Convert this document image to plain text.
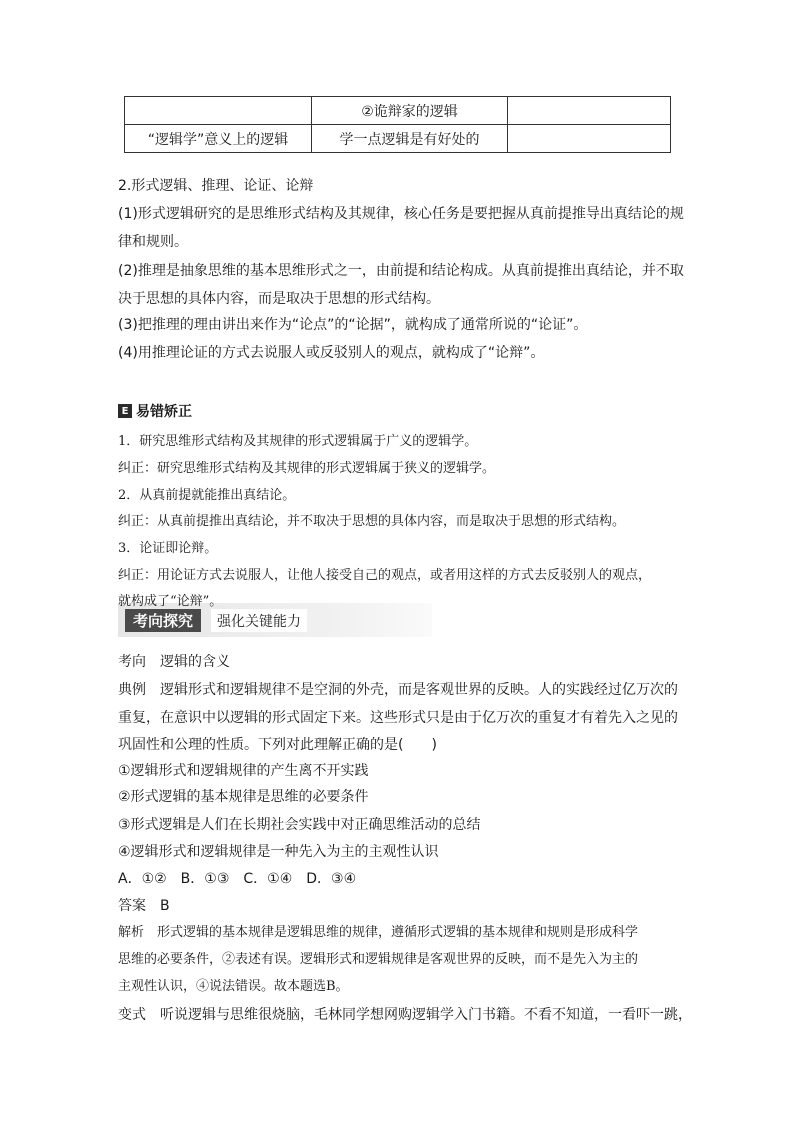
	②诡辩家的逻辑	
“逻辑学”意义上的逻辑	学一点逻辑是有好处的	
2.形式逻辑、推理、论证、论辩
(1)形式逻辑研究的是思维形式结构及其规律，核心任务是要把握从真前提推导出真结论的规
律和规则。
(2)推理是抽象思维的基本思维形式之一，由前提和结论构成。从真前提推出真结论，并不取
决于思想的具体内容，而是取决于思想的形式结构。
(3)把推理的理由讲出来作为“论点”的“论据”，就构成了通常所说的“论证”。
(4)用推理论证的方式去说服人或反驳别人的观点，就构成了“论辩”。
E 易错矫正
1．研究思维形式结构及其规律的形式逻辑属于广义的逻辑学。
纠正：研究思维形式结构及其规律的形式逻辑属于狭义的逻辑学。
2．从真前提就能推出真结论。
纠正：从真前提推出真结论，并不取决于思想的具体内容，而是取决于思想的形式结构。
3．论证即论辩。
纠正：用论证方式去说服人，让他人接受自己的观点，或者用这样的方式去反驳别人的观点，
考向探究	强化关键能力
考向　逻辑的含义
典例　逻辑形式和逻辑规律不是空洞的外壳，而是客观世界的反映。人的实践经过亿万次的
重复，在意识中以逻辑的形式固定下来。这些形式只是由于亿万次的重复才有着先入之见的
巩固性和公理的性质。下列对此理解正确的是(　　)
①逻辑形式和逻辑规律的产生离不开实践
②形式逻辑的基本规律是思维的必要条件
③形式逻辑是人们在长期社会实践中对正确思维活动的总结
④逻辑形式和逻辑规律是一种先入为主的主观性认识
A．①②　B．①③　C．①④　D．③④
答案　B
解析　形式逻辑的基本规律是逻辑思维的规律，遵循形式逻辑的基本规律和规则是形成科学
思维的必要条件，②表述有误。逻辑形式和逻辑规律是客观世界的反映，而不是先入为主的
主观性认识，④说法错误。故本题选B。
变式　听说逻辑与思维很烧脑，毛林同学想网购逻辑学入门书籍。不看不知道，一看吓一跳，
就构成了“论辩”。
